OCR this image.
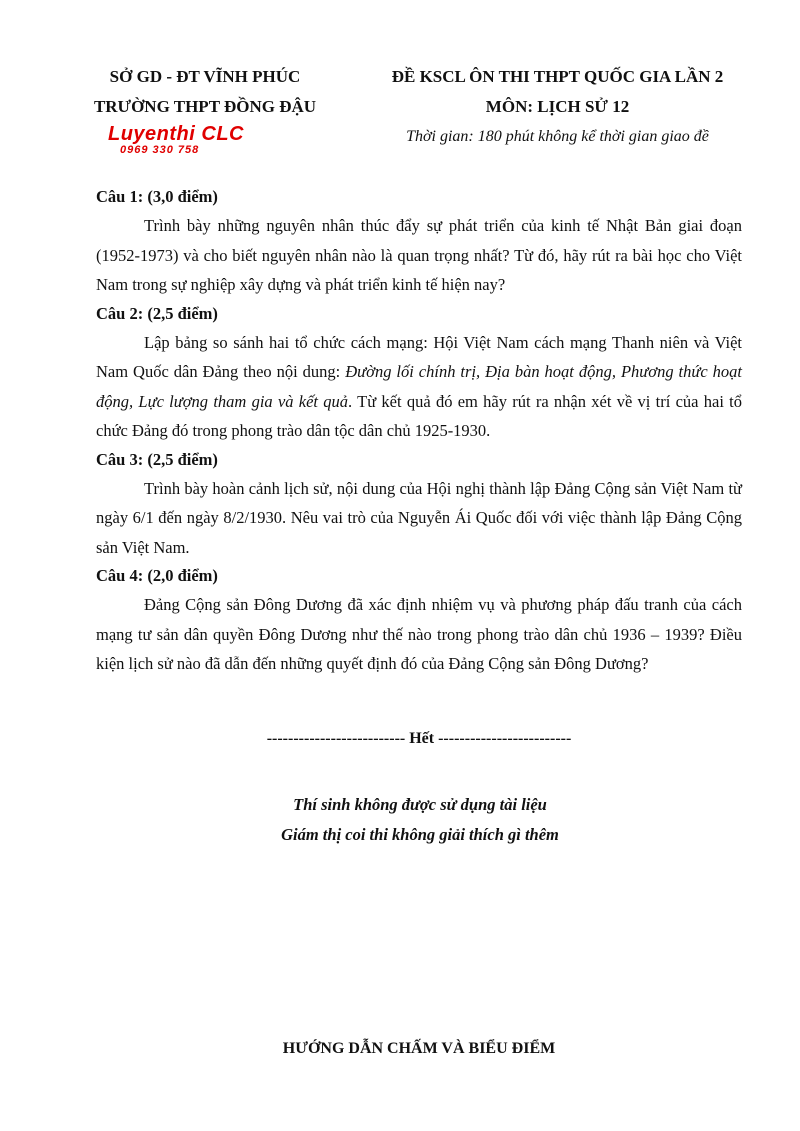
SỞ GD - ĐT VĨNH PHÚC
TRƯỜNG THPT ĐỒNG ĐẬU
Luyenthi CLC
0969 330 758
ĐỀ KSCL ÔN THI THPT QUỐC GIA LẦN 2
MÔN: LỊCH SỬ 12
Thời gian: 180 phút không kể thời gian giao đề
Câu 1: (3,0 điểm)
Trình bày những nguyên nhân thúc đẩy sự phát triển của kinh tế Nhật Bản giai đoạn (1952-1973) và cho biết nguyên nhân nào là quan trọng nhất? Từ đó, hãy rút ra bài học cho Việt Nam trong sự nghiệp xây dựng và phát triển kinh tế hiện nay?
Câu 2: (2,5 điểm)
Lập bảng so sánh hai tổ chức cách mạng: Hội Việt Nam cách mạng Thanh niên và Việt Nam Quốc dân Đảng theo nội dung: Đường lối chính trị, Địa bàn hoạt động, Phương thức hoạt động, Lực lượng tham gia và kết quả. Từ kết quả đó em hãy rút ra nhận xét về vị trí của hai tổ chức Đảng đó trong phong trào dân tộc dân chủ 1925-1930.
Câu 3: (2,5 điểm)
Trình bày hoàn cảnh lịch sử, nội dung của Hội nghị thành lập Đảng Cộng sản Việt Nam từ ngày 6/1 đến ngày 8/2/1930. Nêu vai trò của Nguyễn Ái Quốc đối với việc thành lập Đảng Cộng sản Việt Nam.
Câu 4: (2,0 điểm)
Đảng Cộng sản Đông Dương đã xác định nhiệm vụ và phương pháp đấu tranh của cách mạng tư sản dân quyền Đông Dương như thế nào trong phong trào dân chủ 1936 – 1939? Điều kiện lịch sử nào đã dẫn đến những quyết định đó của Đảng Cộng sản Đông Dương?
-------------------------- Hết -------------------------
Thí sinh không được sử dụng tài liệu
Giám thị coi thi không giải thích gì thêm
HƯỚNG DẪN CHẤM VÀ BIỂU ĐIỂM
